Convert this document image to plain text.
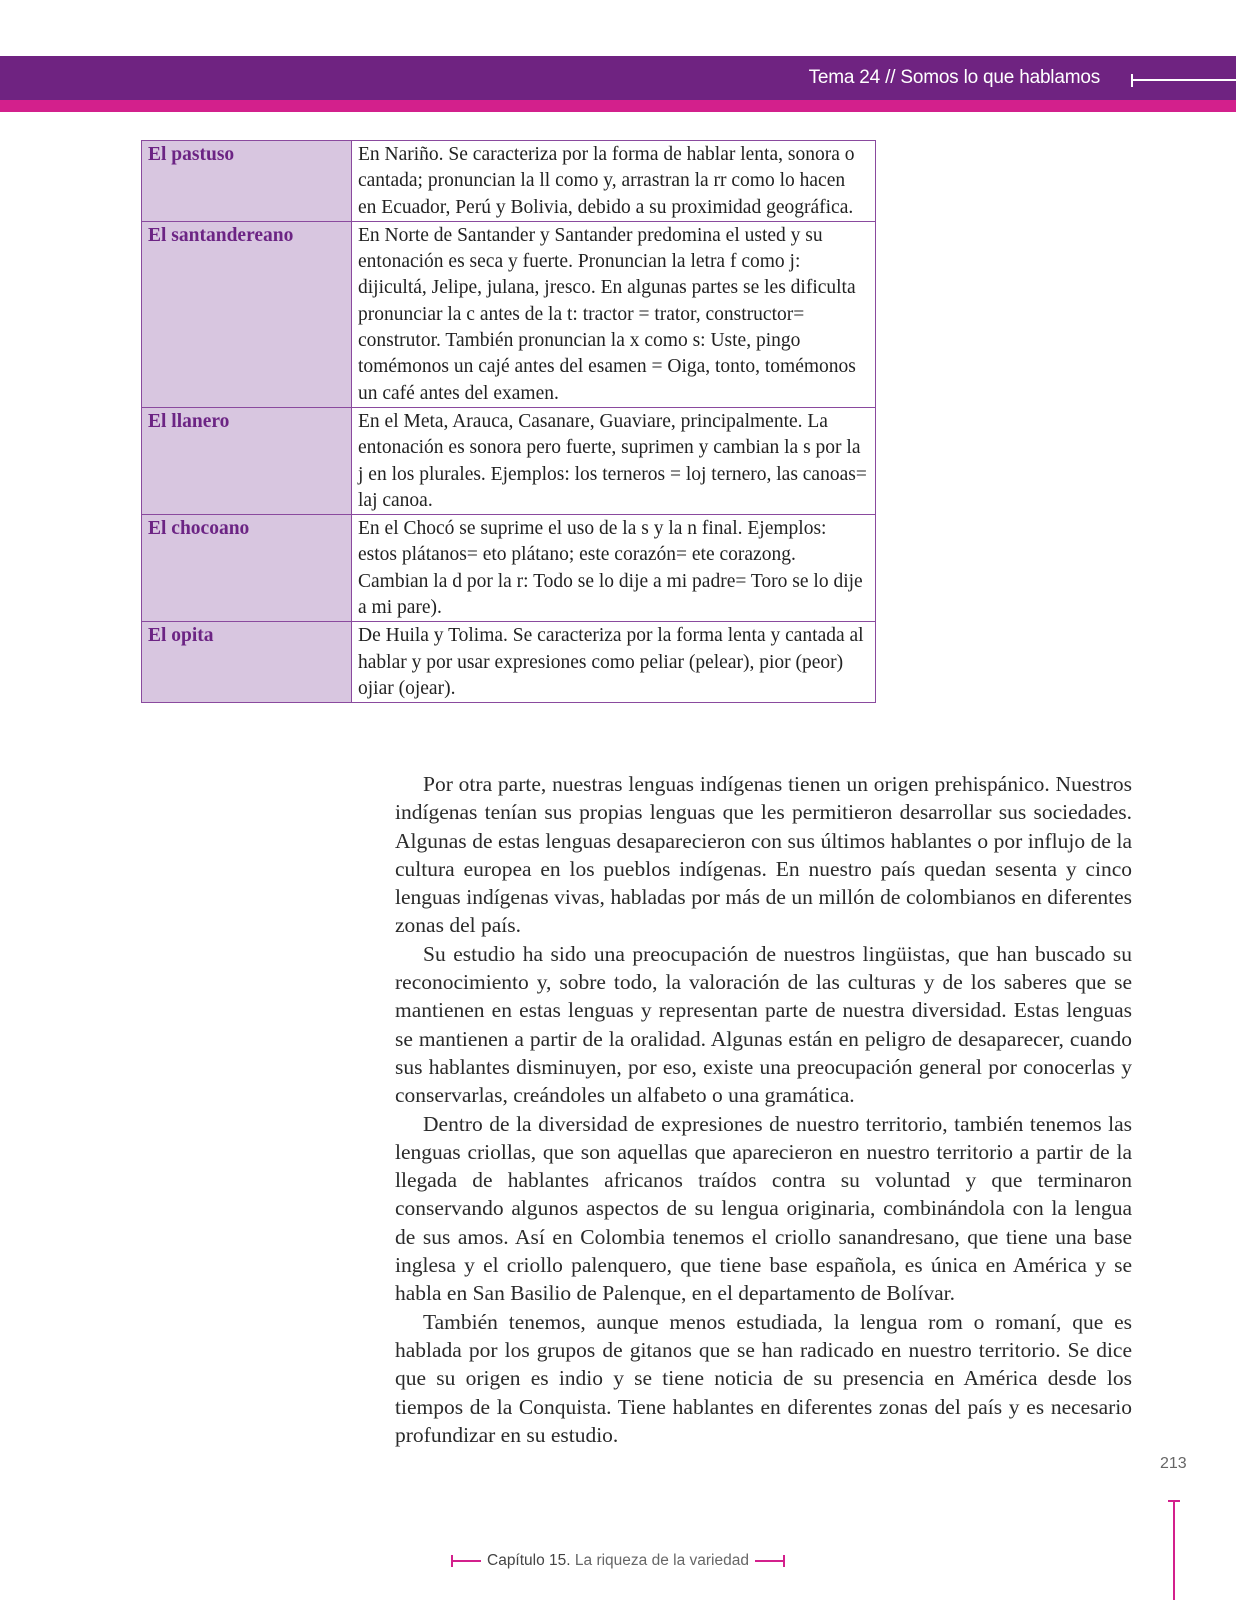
Tema 24 // Somos lo que hablamos
El pastuso	En Nariño. Se caracteriza por la forma de hablar lenta, sonora o cantada; pronuncian la ll como y, arrastran la rr como lo hacen en Ecuador, Perú y Bolivia, debido a su proximidad geográfica.

El santandereano	En Norte de Santander y Santander predomina el usted y su entonación es seca y fuerte. Pronuncian la letra f como j: dijicultá, Jelipe, julana, jresco. En algunas partes se les dificulta pronunciar la c antes de la t: tractor = trator, constructor= construtor. También pronuncian la x como s: Uste, pingo tomémonos un cajé antes del esamen = Oiga, tonto, tomémonos un café antes del examen.

El llanero	En el Meta, Arauca, Casanare, Guaviare, principalmente. La entonación es sonora pero fuerte, suprimen y cambian la s por la j en los plurales. Ejemplos: los terneros = loj ternero, las canoas= laj canoa.

El chocoano	En el Chocó se suprime el uso de la s y la n final. Ejemplos: estos plátanos= eto plátano; este corazón= ete corazong. Cambian la d por la r: Todo se lo dije a mi padre= Toro se lo dije a mi pare).

El opita	De Huila y Tolima. Se caracteriza por la forma lenta y cantada al hablar y por usar expresiones como peliar (pelear), pior (peor) ojiar (ojear).

Por otra parte, nuestras lenguas indígenas tienen un origen prehispánico. Nuestros indígenas tenían sus propias lenguas que les permitieron desarrollar sus sociedades. Algunas de estas lenguas desaparecieron con sus últimos hablantes o por influjo de la cultura europea en los pueblos indígenas. En nuestro país quedan sesenta y cinco lenguas indígenas vivas, habladas por más de un millón de colombianos en diferentes zonas del país.

Su estudio ha sido una preocupación de nuestros lingüistas, que han buscado su reconocimiento y, sobre todo, la valoración de las culturas y de los saberes que se mantienen en estas lenguas y representan parte de nuestra diversidad. Estas lenguas se mantienen a partir de la oralidad. Algunas están en peligro de desaparecer, cuando sus hablantes disminuyen, por eso, existe una preocupación general por conocerlas y conservarlas, creándoles un alfabeto o una gramática.

Dentro de la diversidad de expresiones de nuestro territorio, también tenemos las lenguas criollas, que son aquellas que aparecieron en nuestro territorio a partir de la llegada de hablantes africanos traídos contra su voluntad y que terminaron conservando algunos aspectos de su lengua originaria, combinándola con la lengua de sus amos. Así en Colombia tenemos el criollo sanandresano, que tiene una base inglesa y el criollo palenquero, que tiene base española, es única en América y se habla en San Basilio de Palenque, en el departamento de Bolívar.

También tenemos, aunque menos estudiada, la lengua rom o romaní, que es hablada por los grupos de gitanos que se han radicado en nuestro territorio. Se dice que su origen es indio y se tiene noticia de su presencia en América desde los tiempos de la Conquista. Tiene hablantes en diferentes zonas del país y es necesario profundizar en su estudio.

213
Capítulo 15. La riqueza de la variedad
